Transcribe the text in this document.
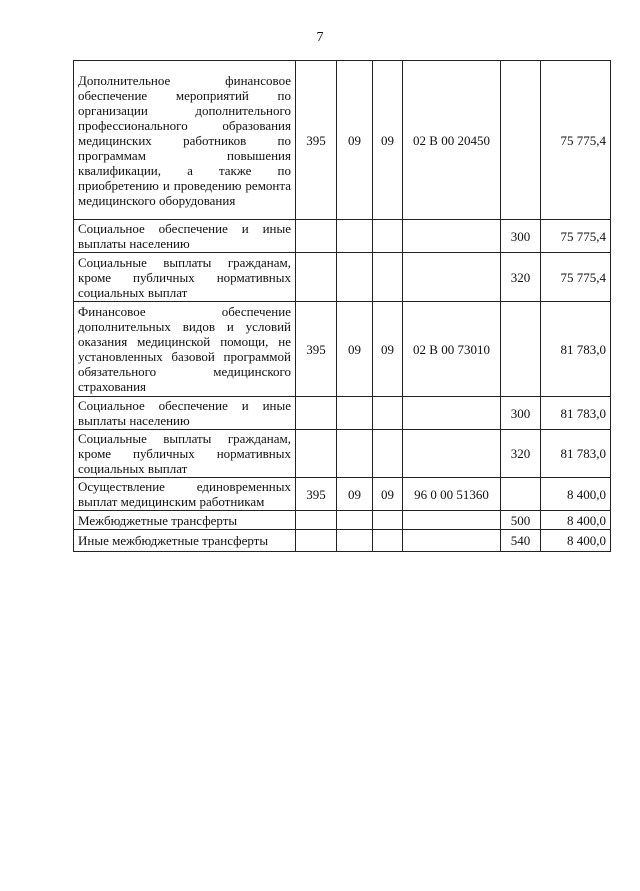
7
Дополнительное финансовое обеспечение мероприятий по организации дополнительного профессионального образования медицинских работников по программам повышения квалификации, а также по приобретению и проведению ремонта медицинского оборудования	395	09	09	02 В 00 20450		75 775,4
Социальное обеспечение и иные выплаты населению					300	75 775,4
Социальные выплаты гражданам, кроме публичных нормативных социальных выплат					320	75 775,4
Финансовое обеспечение дополнительных видов и условий оказания медицинской помощи, не установленных базовой программой обязательного медицинского страхования	395	09	09	02 В 00 73010		81 783,0
Социальное обеспечение и иные выплаты населению					300	81 783,0
Социальные выплаты гражданам, кроме публичных нормативных социальных выплат					320	81 783,0
Осуществление единовременных выплат медицинским работникам	395	09	09	96 0 00 51360		8 400,0
Межбюджетные трансферты					500	8 400,0
Иные межбюджетные трансферты					540	8 400,0
